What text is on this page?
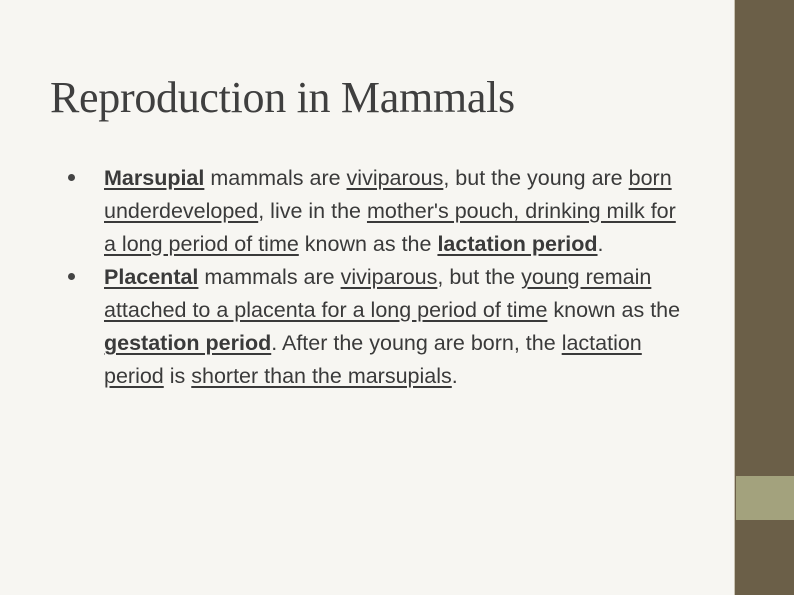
Reproduction in Mammals
Marsupial mammals are viviparous, but the young are born underdeveloped, live in the mother's pouch, drinking milk for a long period of time known as the lactation period.
Placental mammals are viviparous, but the young remain attached to a placenta for a long period of time known as the gestation period. After the young are born, the lactation period is shorter than the marsupials.
